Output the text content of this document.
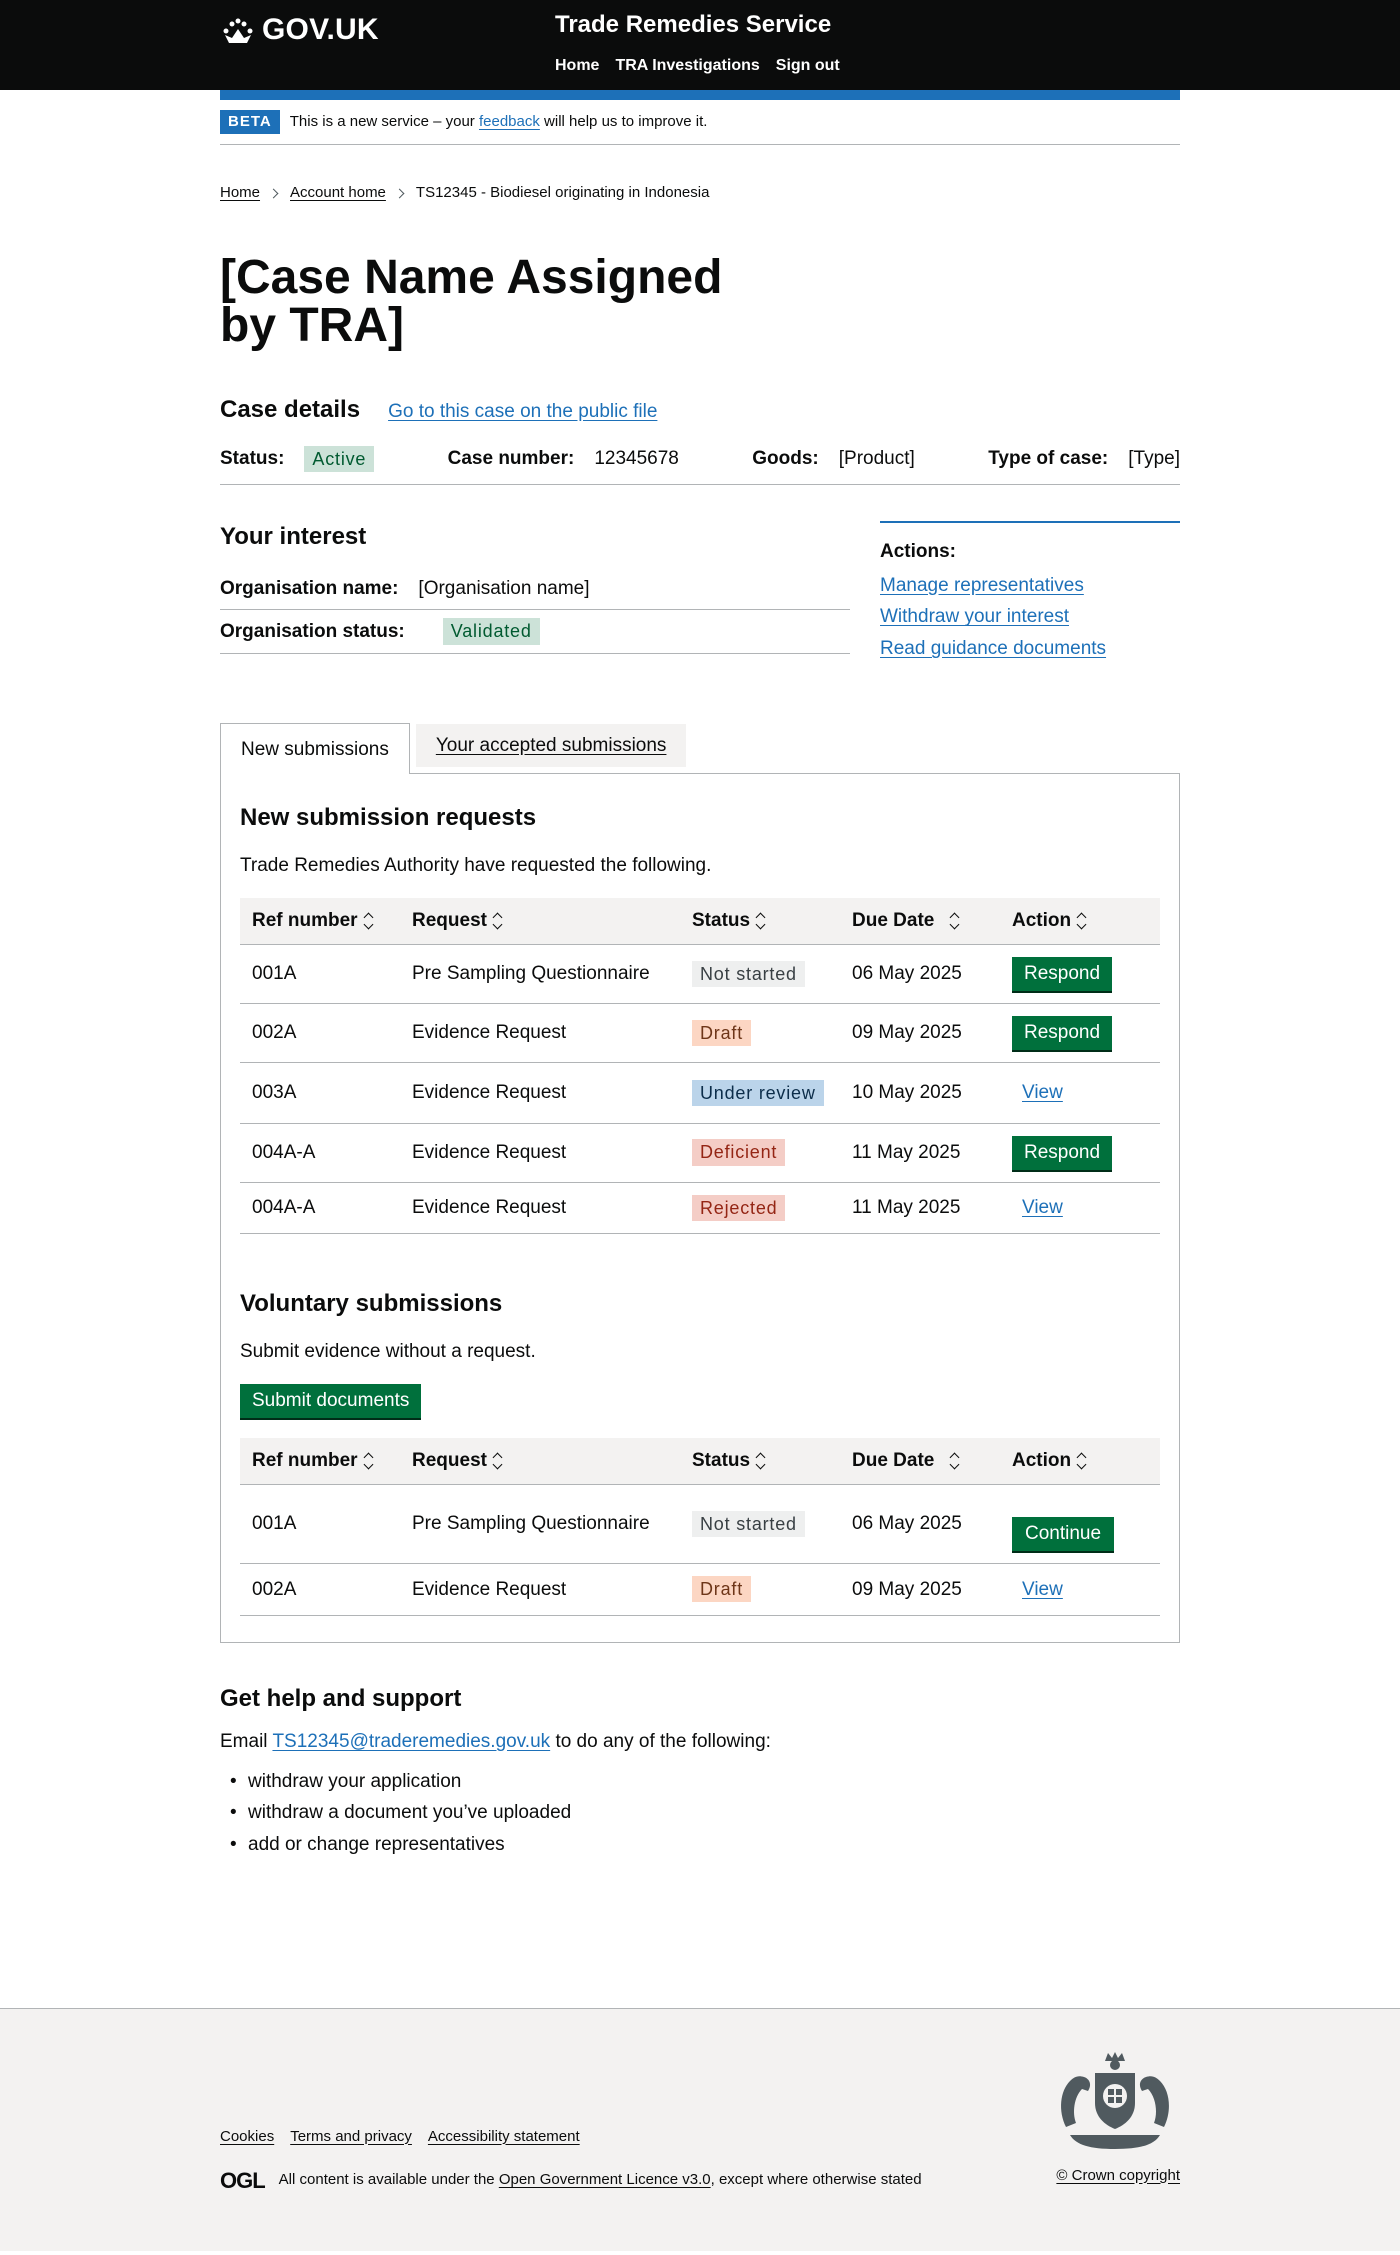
GOV.UK	Trade Remedies Service
Home TRA Investigations Sign out
BETA	This is a new service – your
feedback
will help us to improve it.
Home Account home TS12345 - Biodiesel originating in Indonesia
[Case Name Assigned by TRA]
Case details Go to this case on the public file
Status:	Active	Case number: 12345678	Goods: [Product]	Type of case: [Type]
Your interest
Organisation name: [Organisation name]
Organisation status:	Validated
Actions:
Manage representatives
Withdraw your interest
Read guidance documents
New submissions	Your accepted submissions
New submission requests

Trade Remedies Authority have requested the following.

Ref number	Request	Status	Due Date	Action
001A	Pre Sampling Questionnaire	Not started	06 May 2025	Respond
002A	Evidence Request	Draft	09 May 2025	Respond
003A	Evidence Request	Under review	10 May 2025	View
004A-A	Evidence Request	Deficient	11 May 2025	Respond
004A-A	Evidence Request	Rejected	11 May 2025	View
Voluntary submissions

Submit evidence without a request.

Submit documents
Ref number	Request	Status	Due Date	Action
001A	Pre Sampling Questionnaire	Not started	06 May 2025	Continue
002A	Evidence Request	Draft	09 May 2025	View
Get help and support

Email TS12345@traderemedies.gov.uk to do any of the following:

• withdraw your application
• withdraw a document you’ve uploaded
• add or change representatives
Cookies Terms and privacy Accessibility statement
OGL All content is available under the
Open Government Licence v3.0 , except where otherwise stated	© Crown copyright
